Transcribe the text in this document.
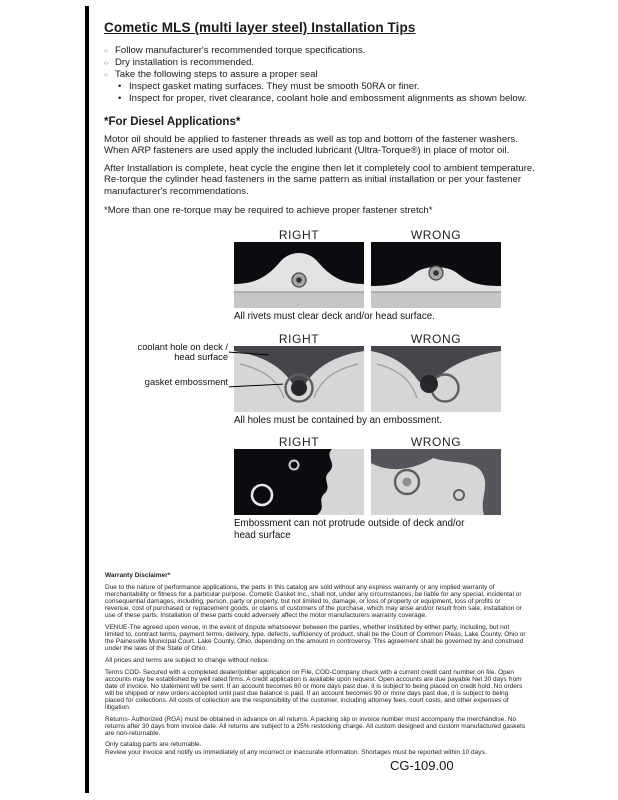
Cometic MLS (multi layer steel) Installation Tips
○ Follow manufacturer's recommended torque specifications.
○ Dry installation is recommended.
○ Take the following steps to assure a proper seal
• Inspect gasket mating surfaces. They must be smooth 50RA or finer.
• Inspect for proper, rivet clearance, coolant hole and embossment alignments as shown below.
*For Diesel Applications*

Motor oil should be applied to fastener threads as well as top and bottom of the fastener washers. When ARP fasteners are used apply the included lubricant (Ultra-Torque®) in place of motor oil.

After Installation is complete, heat cycle the engine then let it completely cool to ambient temperature. Re-torque the cylinder head fasteners in the same pattern as initial installation or per your fastener manufacturer's recommendations.

*More than one re-torque may be required to achieve proper fastener stretch*

RIGHT	WRONG
All rivets must clear deck and/or head surface.
coolant hole on deck / head surface
gasket embossment
RIGHT	WRONG
All holes must be contained by an embossment.
RIGHT	WRONG
Embossment can not protrude outside of deck and/or head surface
Warranty Disclaimer*

Due to the nature of performance applications, the parts in this catalog are sold without any express warranty or any implied warranty of merchantability or fitness for a particular purpose. Cometic Gasket Inc., shall not, under any circumstances, be liable for any special, incidental or consequential damages, including, person, party or property, but not limited to, damage, or loss of property or equipment, loss of profits or revenue, cost of purchased or replacement goods, or claims of customers of the purchase, which may arise and/or result from sale, installation or use of these parts. Installation of these parts could adversely affect the motor manufacturers warranty coverage.

VENUE-The agreed upon venue, in the event of dispute whatsoever between the parties, whether instituted by either party, including, but not limited to, contract terms, payment terms, delivery, type, defects, sufficiency of product, shall be the Court of Common Pleas, Lake County, Ohio or the Painesville Municipal Court, Lake County, Ohio, depending on the amount in controversy. This agreement shall be governed by and construed under the laws of the State of Ohio.

All prices and terms are subject to change without notice.

Terms COD- Secured with a completed dealer/jobber application on File, COD-Company check with a current credit card number on file. Open accounts may be established by well rated firms. A credit application is available upon request. Open accounts are due payable Net 30 days from date of invoice. No statement will be sent. If an account becomes 60 or more days past due, it is subject to being placed on credit hold. No orders will be shipped or new orders accepted until past due balance is paid. If an account becomes 90 or more days past due, it is subject to being placed for collections. All costs of collection are the responsibility of the customer, including attorney fees, court costs, and other expenses of litigation.

Returns- Authorized (RGA) must be obtained in advance on all returns. A packing slip or invoice number must accompany the merchandise. No returns after 30 days from invoice date. All returns are subject to a 25% restocking charge. All custom designed and custom manufactured gaskets are non-returnable.

Only catalog parts are returnable.

Review your invoice and notify us immediately of any incorrect or inaccurate information. Shortages must be reported within 10 days.

CG-109.00
